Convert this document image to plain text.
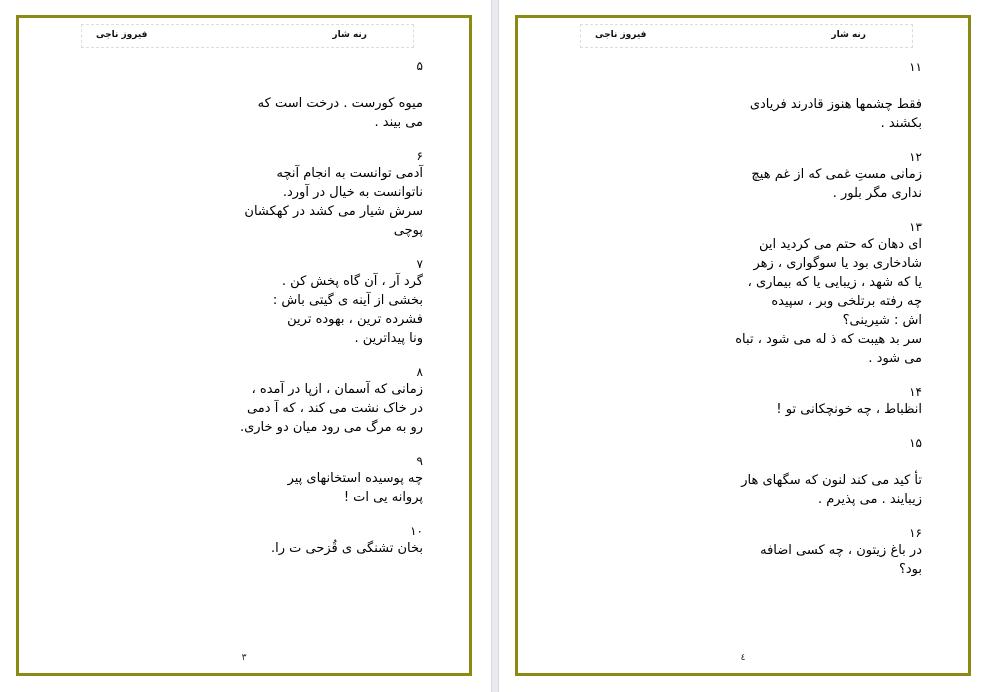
فیروز ناجی	رنه شار
۵
میوه کورست . درخت است که
می بیند .
۶
آدمی توانست به انجام آنچه
ناتوانست به خیال در آورد.
سرش شیار می کشد در کهکشان
پوچی
٧
گرد آر ، آن گاه پخش کن .
بخشی از آینه ی گیتی باش :
فشرده ترین ، بهوده ترین
ونا پیداترین .
٨
زمانی که آسمان ، ازپا در آمده ،
در خاک نشت می کند ، که آ دمی
رو به مرگ می رود میان دو خاری.
٩
چه پوسیده استخانهای پیر
پروانه یی ات !
١٠
بخان تشنگی ی قُزحی ت را.
٣
فیروز ناجی	رنه شار
١١
فقط چشمها هنوز قادرند فریادی
بکشند .
١٢
زمانی مستِ غمی که از غم هیچ
نداری مگر بلور .
١٣
ای دهان که حتم می کردید این
شادخاری بود یا سوگواری ، زهر
یا که شهد ، زیبایی یا که بیماری ،
چه رفته برتلخی وبر ، سپیده
اش : شیرینی؟
سر بد هیبت که ذ له می شود ، تباه
می شود .
١۴
انظباط ، چه خونچکانی تو !
١۵
تأ کید می کند لنون که سگهای هار
زیبایند . می پذیرم .
١۶
در باغ زیتون ، چه کسی اضافه
بود؟
٤
